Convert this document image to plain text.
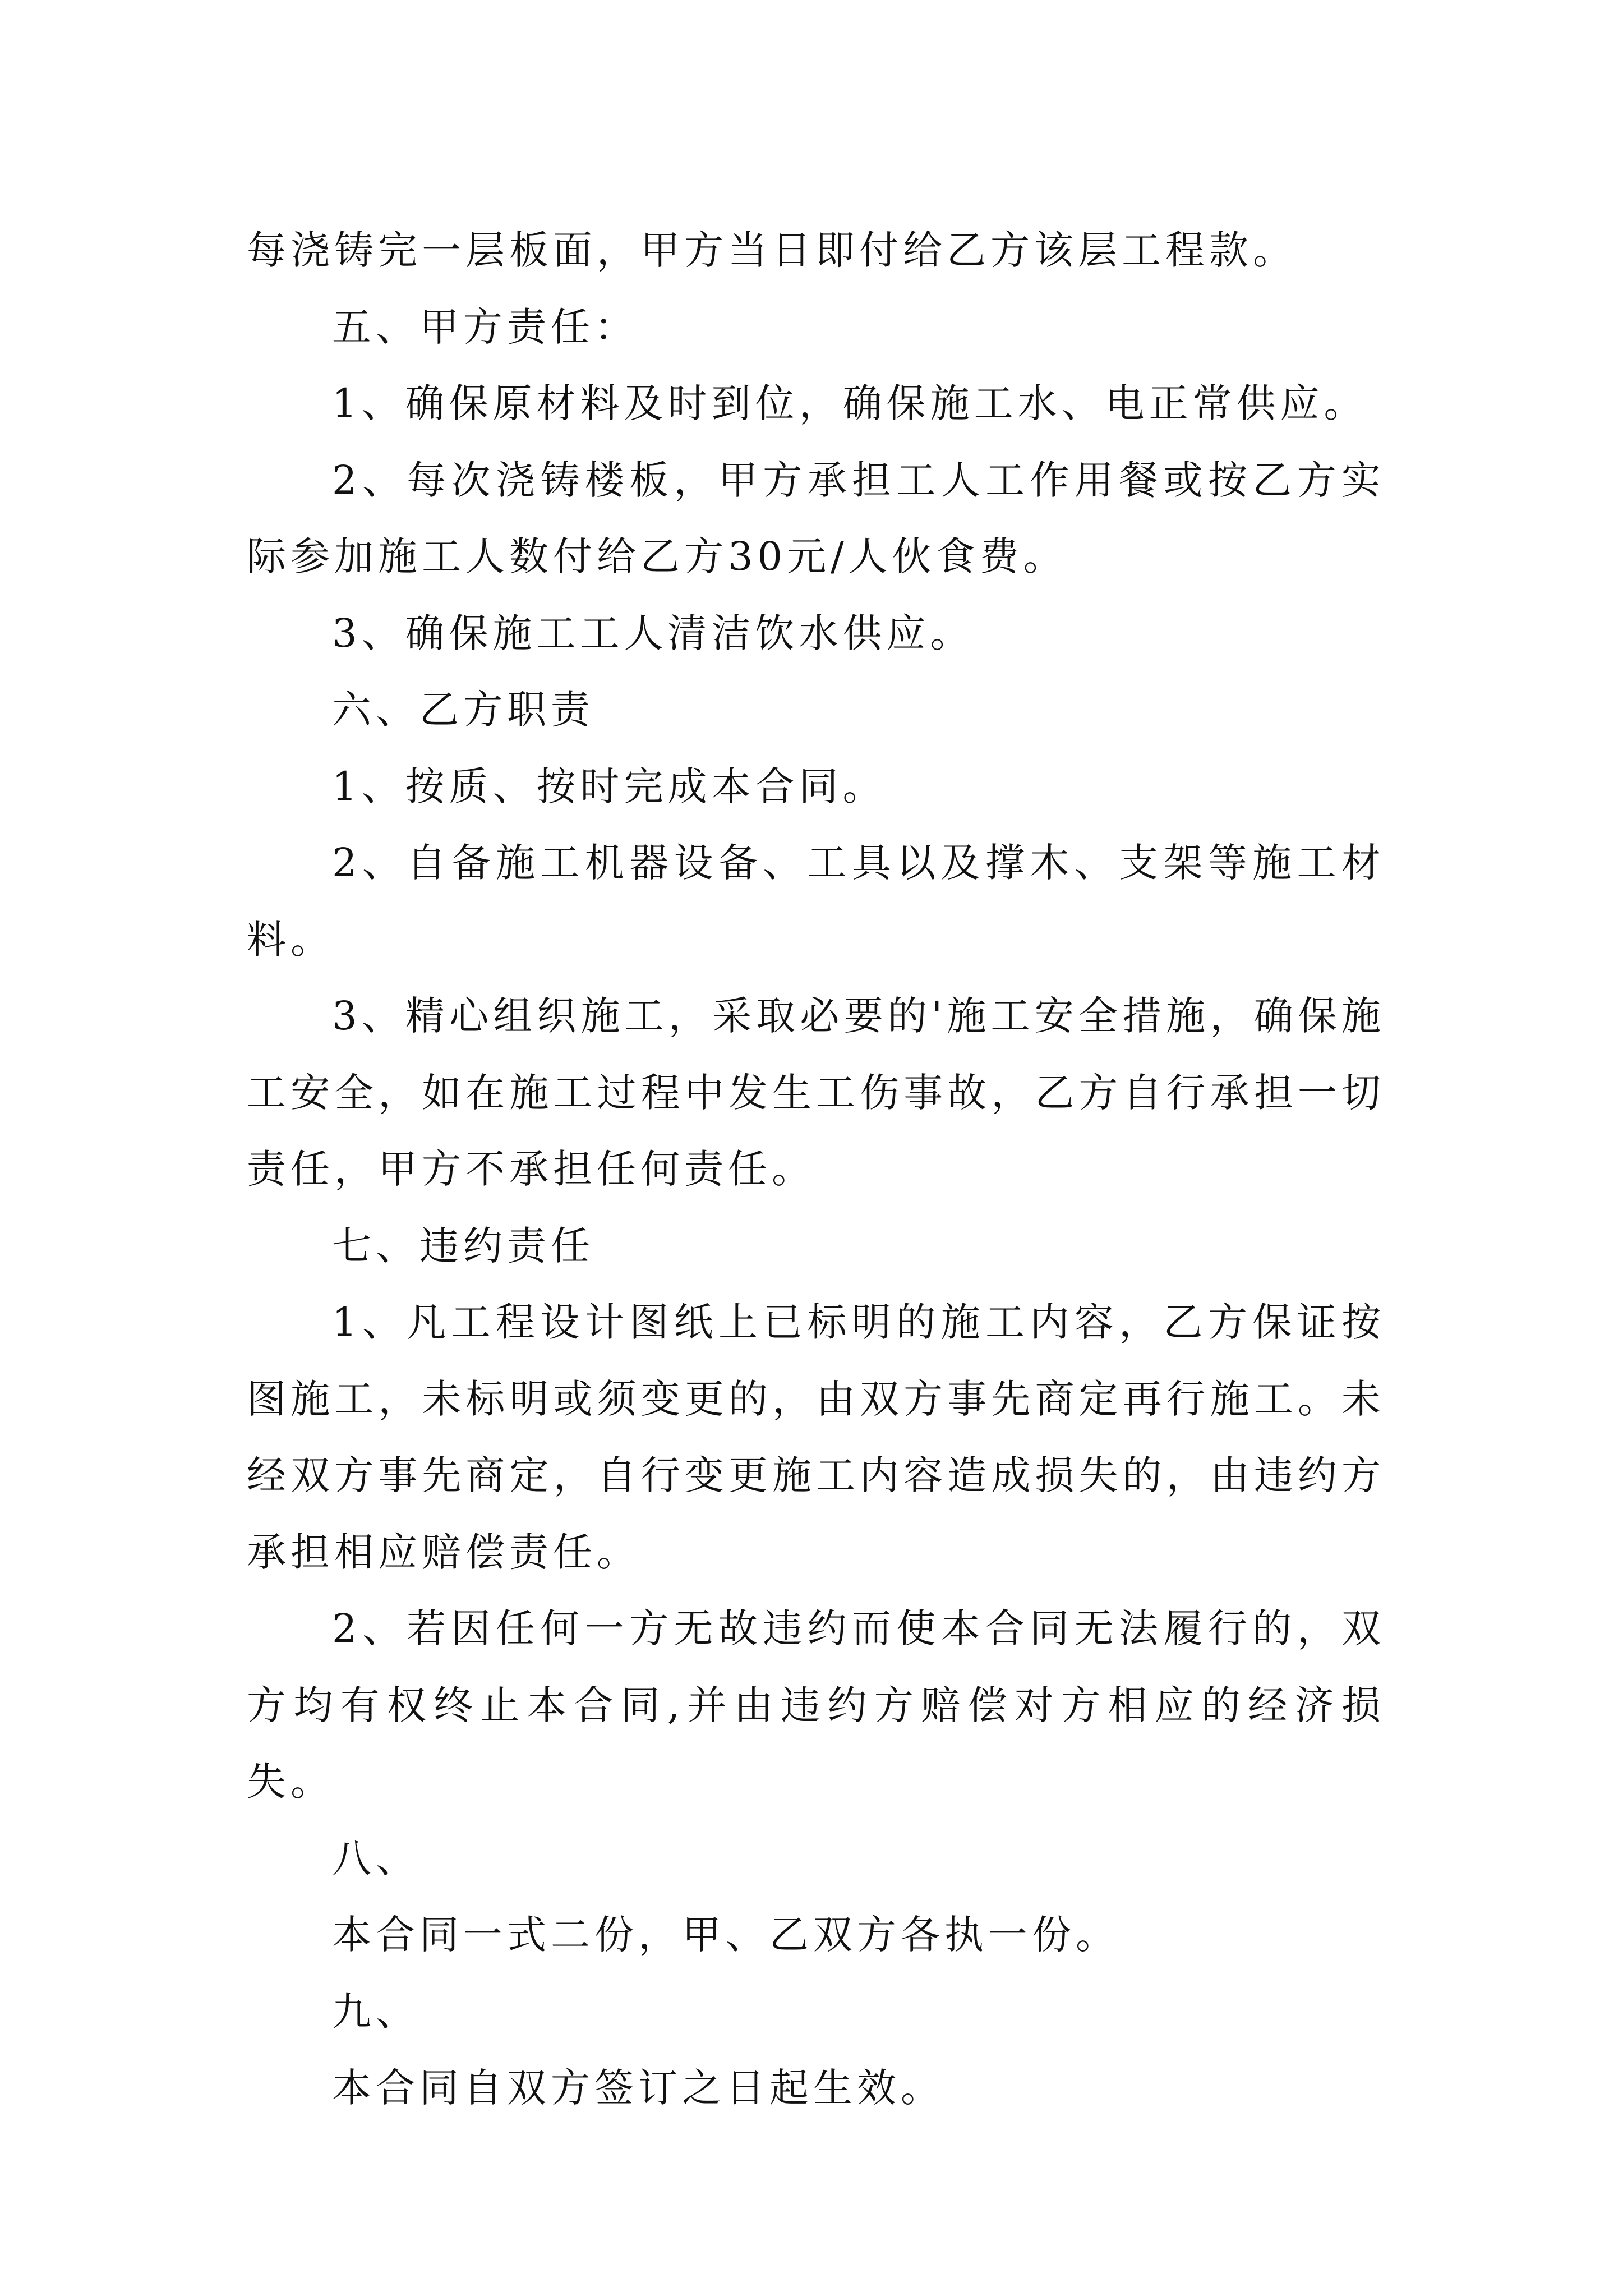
每浇铸完一层板面，甲方当日即付给乙方该层工程款。

五、甲方责任：

1、确保原材料及时到位，确保施工水、电正常供应。

2、每次浇铸楼板，甲方承担工人工作用餐或按乙方实际参加施工人数付给乙方30元/人伙食费。

3、确保施工工人清洁饮水供应。

六、乙方职责

1、按质、按时完成本合同。

2、自备施工机器设备、工具以及撑木、支架等施工材料。

3、精心组织施工，采取必要的'施工安全措施，确保施工安全，如在施工过程中发生工伤事故，乙方自行承担一切责任，甲方不承担任何责任。

七、违约责任

1、凡工程设计图纸上已标明的施工内容，乙方保证按图施工，未标明或须变更的，由双方事先商定再行施工。未经双方事先商定，自行变更施工内容造成损失的，由违约方承担相应赔偿责任。

2、若因任何一方无故违约而使本合同无法履行的，双方均有权终止本合同,并由违约方赔偿对方相应的经济损失。

八、

本合同一式二份，甲、乙双方各执一份。

九、

本合同自双方签订之日起生效。
